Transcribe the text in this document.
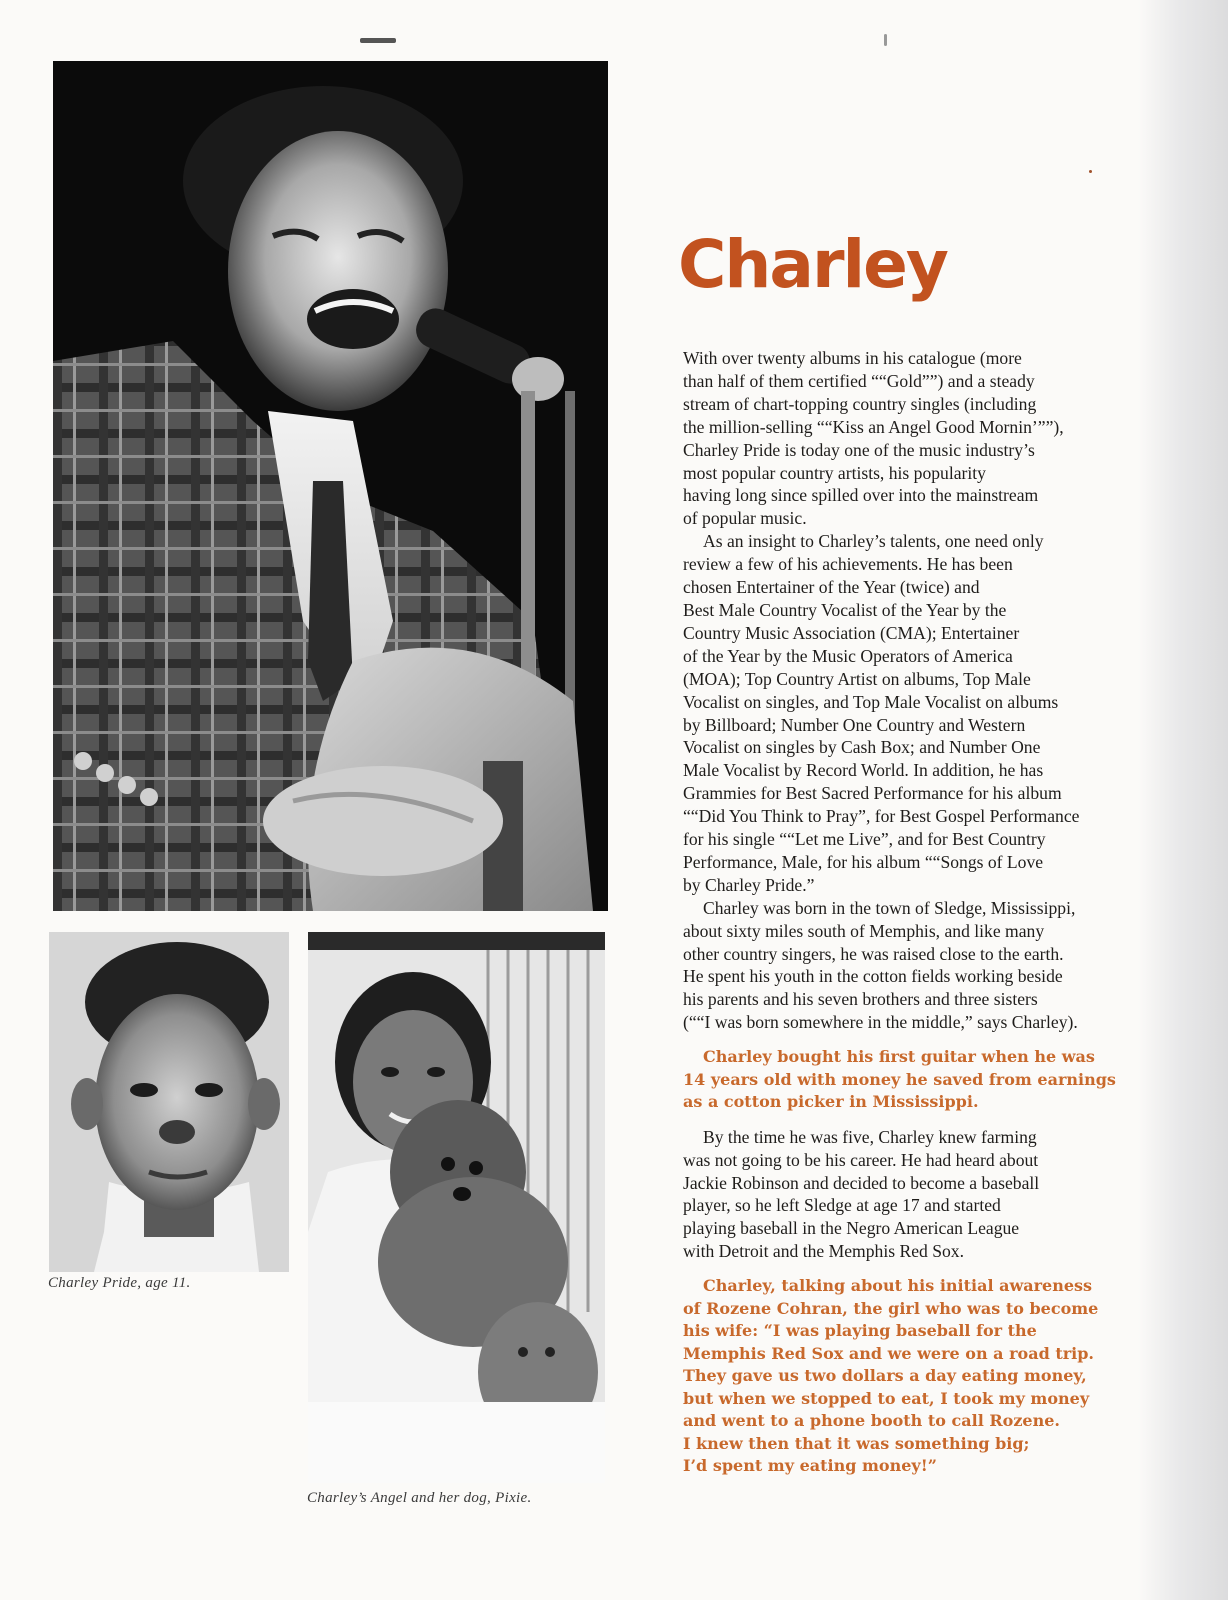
Charley Pride, age 11.
Charley’s Angel and her dog, Pixie.
Charley

With over twenty albums in his catalogue (more
than half of them certified ““Gold””) and a steady
stream of chart-topping country singles (including
the million-selling ““Kiss an Angel Good Mornin’””),
Charley Pride is today one of the music industry’s
most popular country artists, his popularity
having long since spilled over into the mainstream
of popular music.

As an insight to Charley’s talents, one need only
review a few of his achievements. He has been
chosen Entertainer of the Year (twice) and
Best Male Country Vocalist of the Year by the
Country Music Association (CMA); Entertainer
of the Year by the Music Operators of America
(MOA); Top Country Artist on albums, Top Male
Vocalist on singles, and Top Male Vocalist on albums
by Billboard; Number One Country and Western
Vocalist on singles by Cash Box; and Number One
Male Vocalist by Record World. In addition, he has
Grammies for Best Sacred Performance for his album
““Did You Think to Pray”, for Best Gospel Performance
for his single ““Let me Live”, and for Best Country
Performance, Male, for his album ““Songs of Love
by Charley Pride.”

Charley was born in the town of Sledge, Mississippi,
about sixty miles south of Memphis, and like many
other country singers, he was raised close to the earth.
He spent his youth in the cotton fields working beside
his parents and his seven brothers and three sisters
(““I was born somewhere in the middle,” says Charley).

Charley bought his first guitar when he was
14 years old with money he saved from earnings
as a cotton picker in Mississippi.

By the time he was five, Charley knew farming
was not going to be his career. He had heard about
Jackie Robinson and decided to become a baseball
player, so he left Sledge at age 17 and started
playing baseball in the Negro American League
with Detroit and the Memphis Red Sox.

Charley, talking about his initial awareness
of Rozene Cohran, the girl who was to become
his wife: “I was playing baseball for the
Memphis Red Sox and we were on a road trip.
They gave us two dollars a day eating money,
but when we stopped to eat, I took my money
and went to a phone booth to call Rozene.
I knew then that it was something big;
I’d spent my eating money!”
